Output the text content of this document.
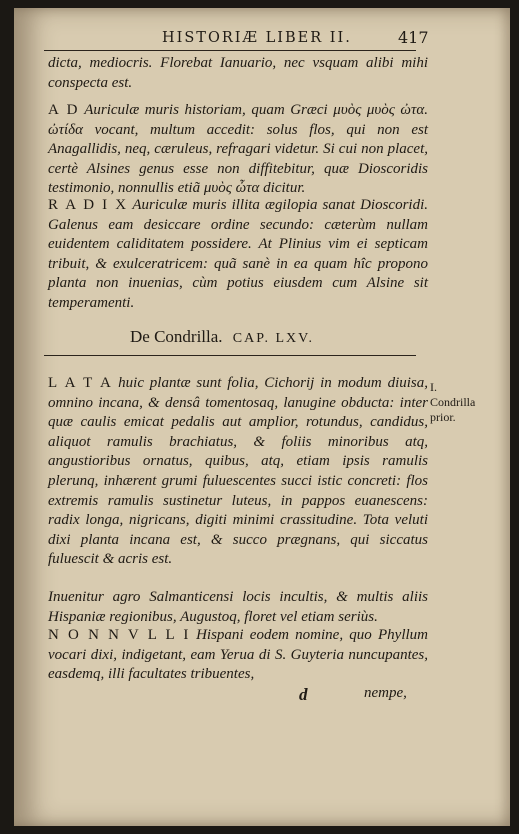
HISTORIÆ LIBER II.	417

dicta, mediocris. Florebat Ianuario, nec vsquam alibi mihi conspecta est.

A D Auriculæ muris historiam, quam Græci μυὸς μυὸς ὠτα. ὠτίδα vocant, multum accedit: solus flos, qui non est Anagallidis, neq, cæruleus, refragari videtur. Si cui non placet, certè Alsines genus esse non diffitebitur, quæ Dioscoridis testimonio, nonnullis etiã μυὸς ὦτα dicitur.

R A D I X Auriculæ muris illita ægilopia sanat Dioscoridi. Galenus eam desiccare ordine secundo: cæterùm nullam euidentem caliditatem possidere. At Plinius vim ei septicam tribuit, & exulceratricem: quã sanè in ea quam hîc propono planta non inuenias, cùm potius eiusdem cum Alsine sit temperamenti.

De Condrilla. CAP. LXV.

L A T A huic plantæ sunt folia, Cichorij in modum diuisa, omnino incana, & densâ tomentosaq, lanugine obducta: inter quæ caulis emicat pedalis aut amplior, rotundus, candidus, aliquot ramulis brachiatus, & foliis minoribus atq, angustioribus ornatus, quibus, atq, etiam ipsis ramulis plerunq, inhærent grumi fuluescentes succi istic concreti: flos extremis ramulis sustinetur luteus, in pappos euanescens: radix longa, nigricans, digiti minimi crassitudine. Tota veluti dixi planta incana est, & succo prægnans, qui siccatus fuluescit & acris est.

I.
Condrilla
prior.

Inuenitur agro Salmanticensi locis incultis, & multis aliis Hispaniæ regionibus, Augustoq, floret vel etiam seriùs.

N O N N V L L I Hispani eodem nomine, quo Phyllum vocari dixi, indigetant, eam Yerua di S. Guyteria nuncupantes, easdemq, illi facultates tribuentes,

d	nempe,
